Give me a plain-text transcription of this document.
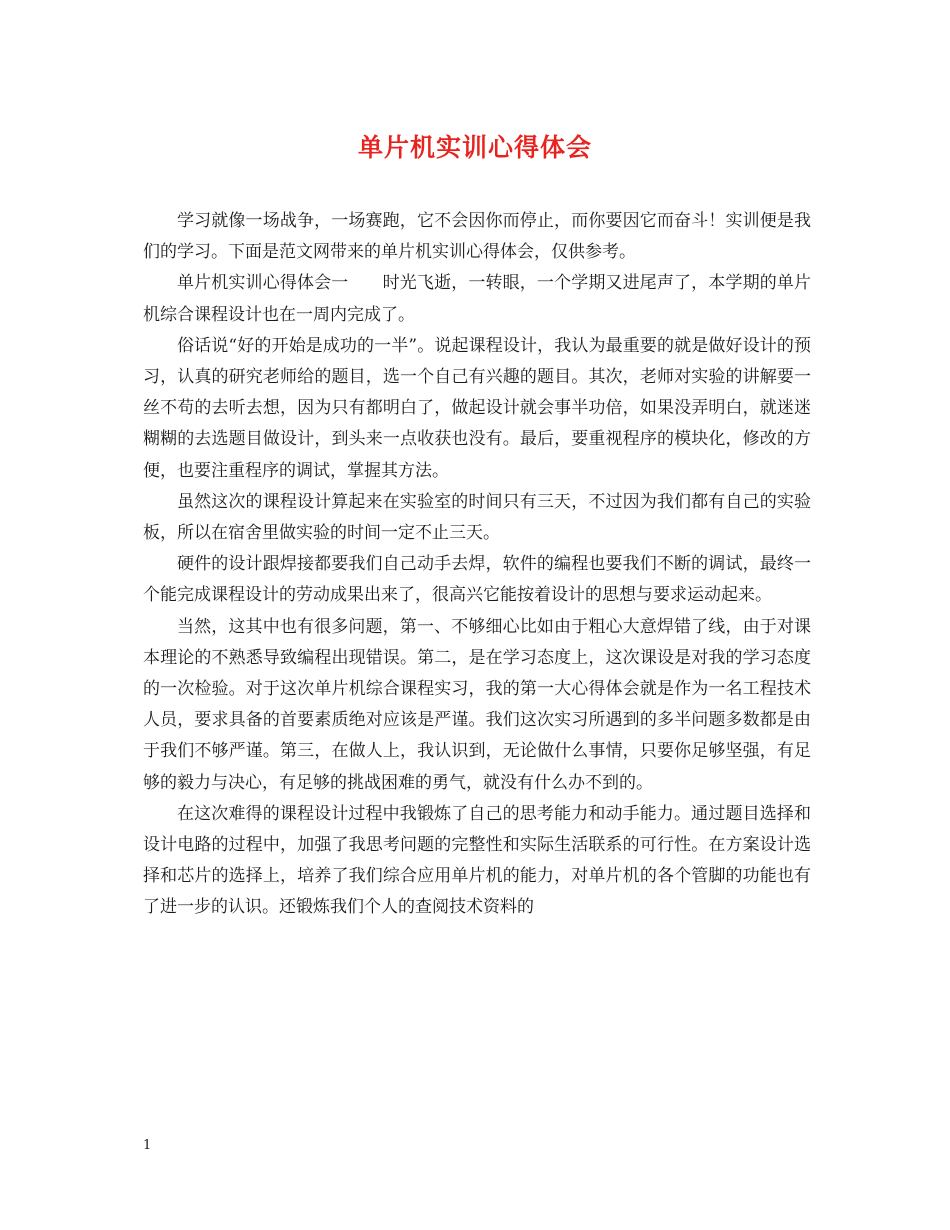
单片机实训心得体会

学习就像一场战争，一场赛跑，它不会因你而停止，而你要因它而奋斗！实训便是我们的学习。下面是范文网带来的单片机实训心得体会，仅供参考。

单片机实训心得体会一　　时光飞逝，一转眼，一个学期又进尾声了，本学期的单片机综合课程设计也在一周内完成了。

俗话说“好的开始是成功的一半”。说起课程设计，我认为最重要的就是做好设计的预习，认真的研究老师给的题目，选一个自己有兴趣的题目。其次，老师对实验的讲解要一丝不苟的去听去想，因为只有都明白了，做起设计就会事半功倍，如果没弄明白，就迷迷糊糊的去选题目做设计，到头来一点收获也没有。最后，要重视程序的模块化，修改的方便，也要注重程序的调试，掌握其方法。

虽然这次的课程设计算起来在实验室的时间只有三天，不过因为我们都有自己的实验板，所以在宿舍里做实验的时间一定不止三天。

硬件的设计跟焊接都要我们自己动手去焊，软件的编程也要我们不断的调试，最终一个能完成课程设计的劳动成果出来了，很高兴它能按着设计的思想与要求运动起来。

当然，这其中也有很多问题，第一、不够细心比如由于粗心大意焊错了线，由于对课本理论的不熟悉导致编程出现错误。第二，是在学习态度上，这次课设是对我的学习态度的一次检验。对于这次单片机综合课程实习，我的第一大心得体会就是作为一名工程技术人员，要求具备的首要素质绝对应该是严谨。我们这次实习所遇到的多半问题多数都是由于我们不够严谨。第三，在做人上，我认识到，无论做什么事情，只要你足够坚强，有足够的毅力与决心，有足够的挑战困难的勇气，就没有什么办不到的。

在这次难得的课程设计过程中我锻炼了自己的思考能力和动手能力。通过题目选择和设计电路的过程中，加强了我思考问题的完整性和实际生活联系的可行性。在方案设计选择和芯片的选择上，培养了我们综合应用单片机的能力，对单片机的各个管脚的功能也有了进一步的认识。还锻炼我们个人的查阅技术资料的

1
